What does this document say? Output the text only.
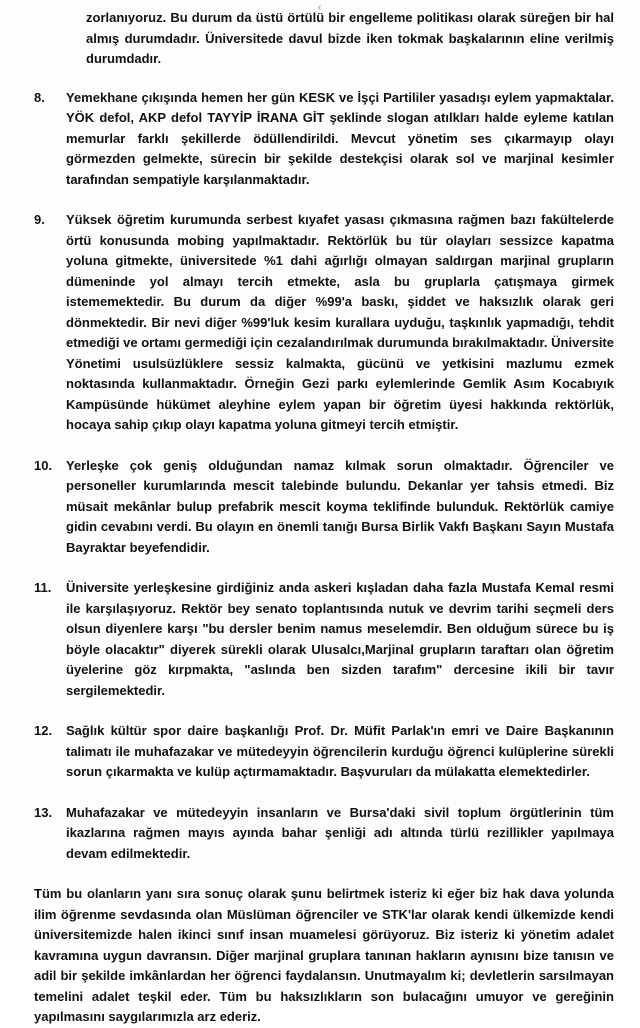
‹
zorlanıyoruz. Bu durum da üstü örtülü bir engelleme politikası olarak süreğen bir hal almış durumdadır. Üniversitede davul bizde iken tokmak başkalarının eline verilmiş durumdadır.
8.	Yemekhane çıkışında hemen her gün KESK ve İşçi Partililer yasadışı eylem yapmaktalar. YÖK defol, AKP defol TAYYİP İRANA GİT şeklinde slogan atılkları halde eyleme katılan memurlar farklı şekillerde ödüllendirildi. Mevcut yönetim ses çıkarmayıp olayı görmezden gelmekte, sürecin bir şekilde destekçisi olarak sol ve marjinal kesimler tarafından sempatiyle karşılanmaktadır.
9.	Yüksek öğretim kurumunda serbest kıyafet yasası çıkmasına rağmen bazı fakültelerde örtü konusunda mobing yapılmaktadır. Rektörlük bu tür olayları sessizce kapatma yoluna gitmekte, üniversitede %1 dahi ağırlığı olmayan saldırgan marjinal grupların dümeninde yol almayı tercih etmekte, asla bu gruplarla çatışmaya girmek istememektedir. Bu durum da diğer %99'a baskı, şiddet ve haksızlık olarak geri dönmektedir. Bir nevi diğer %99'luk kesim kurallara uyduğu, taşkınlık yapmadığı, tehdit etmediği ve ortamı germediği için cezalandırılmak durumunda bırakılmaktadır. Üniversite Yönetimi usulsüzlüklere sessiz kalmakta, gücünü ve yetkisini mazlumu ezmek noktasında kullanmaktadır. Örneğin Gezi parkı eylemlerinde Gemlik Asım Kocabıyık Kampüsünde hükümet aleyhine eylem yapan bir öğretim üyesi hakkında rektörlük, hocaya sahip çıkıp olayı kapatma yoluna gitmeyi tercih etmiştir.
10.	Yerleşke çok geniş olduğundan namaz kılmak sorun olmaktadır. Öğrenciler ve personeller kurumlarında mescit talebinde bulundu. Dekanlar yer tahsis etmedi. Biz müsait mekânlar bulup prefabrik mescit koyma teklifinde bulunduk. Rektörlük camiye gidin cevabını verdi. Bu olayın en önemli tanığı Bursa Birlik Vakfı Başkanı Sayın Mustafa Bayraktar beyefendidir.
11.	Üniversite yerleşkesine girdiğiniz anda askeri kışladan daha fazla Mustafa Kemal resmi ile karşılaşıyoruz. Rektör bey senato toplantısında nutuk ve devrim tarihi seçmeli ders olsun diyenlere karşı "bu dersler benim namus meselemdir. Ben olduğum sürece bu iş böyle olacaktır" diyerek sürekli olarak Ulusalcı,Marjinal grupların taraftarı olan öğretim üyelerine göz kırpmakta, "aslında ben sizden tarafım" dercesine ikili bir tavır sergilemektedir.
12.	Sağlık kültür spor daire başkanlığı Prof. Dr. Müfit Parlak'ın emri ve Daire Başkanının talimatı ile muhafazakar ve mütedeyyin öğrencilerin kurduğu öğrenci kulüplerine sürekli sorun çıkarmakta ve kulüp açtırmamaktadır. Başvuruları da mülakatta elemektedirler.
13.	Muhafazakar ve mütedeyyin insanların ve Bursa'daki sivil toplum örgütlerinin tüm ikazlarına rağmen mayıs ayında bahar şenliği adı altında türlü rezillikler yapılmaya devam edilmektedir.
Tüm bu olanların yanı sıra sonuç olarak şunu belirtmek isteriz ki eğer biz hak dava yolunda ilim öğrenme sevdasında olan Müslüman öğrenciler ve STK'lar olarak kendi ülkemizde kendi üniversitemizde halen ikinci sınıf insan muamelesi görüyoruz. Biz isteriz ki yönetim adalet kavramına uygun davransın. Diğer marjinal gruplara tanınan hakların aynısını bize tanısın ve adil bir şekilde imkânlardan her öğrenci faydalansın. Unutmayalım ki; devletlerin sarsılmayan temelini adalet teşkil eder. Tüm bu haksızlıkların son bulacağını umuyor ve gereğinin yapılmasını saygılarımızla arz ederiz.
